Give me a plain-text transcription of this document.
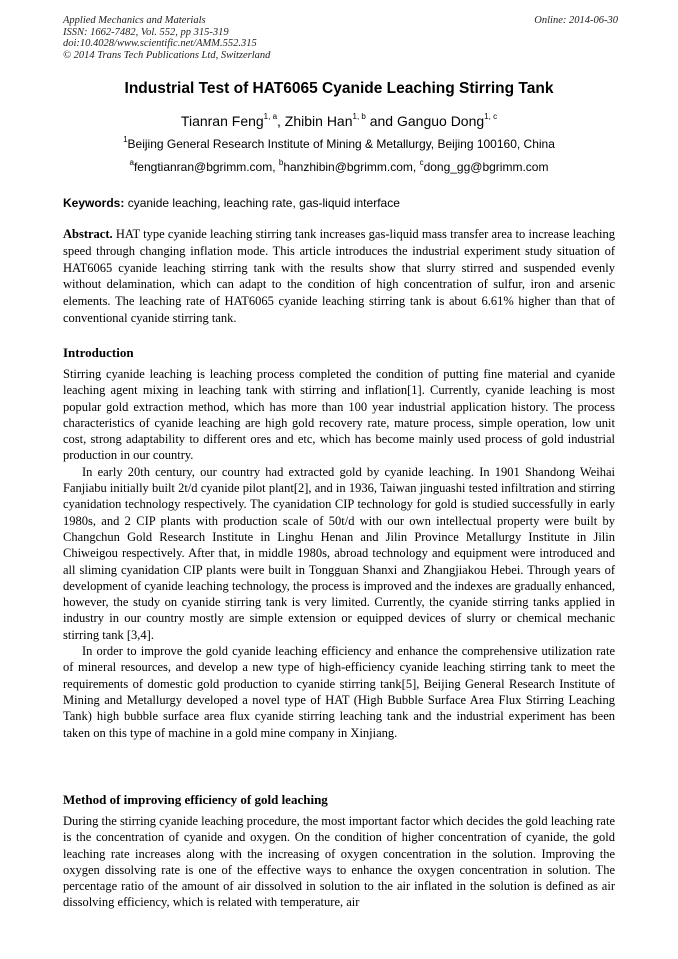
Applied Mechanics and Materials
ISSN: 1662-7482, Vol. 552, pp 315-319
doi:10.4028/www.scientific.net/AMM.552.315
© 2014 Trans Tech Publications Ltd, Switzerland
Online: 2014-06-30
Industrial Test of HAT6065 Cyanide Leaching Stirring Tank
Tianran Feng$^{1, a}$, Zhibin Han$^{1, b}$ and Ganguo Dong$^{1, c}$
$^1$Beijing General Research Institute of Mining & Metallurgy, Beijing 100160, China
$^a$fengtianran@bgrimm.com, $^b$hanzhibin@bgrimm.com, $^c$dong_gg@bgrimm.com
Keywords: cyanide leaching, leaching rate, gas-liquid interface
Abstract. HAT type cyanide leaching stirring tank increases gas-liquid mass transfer area to increase leaching speed through changing inflation mode. This article introduces the industrial experiment study situation of HAT6065 cyanide leaching stirring tank with the results show that slurry stirred and suspended evenly without delamination, which can adapt to the condition of high concentration of sulfur, iron and arsenic elements. The leaching rate of HAT6065 cyanide leaching stirring tank is about 6.61% higher than that of conventional cyanide stirring tank.
Introduction

Stirring cyanide leaching is leaching process completed the condition of putting fine material and cyanide leaching agent mixing in leaching tank with stirring and inflation[1]. Currently, cyanide leaching is most popular gold extraction method, which has more than 100 year industrial application history. The process characteristics of cyanide leaching are high gold recovery rate, mature process, simple operation, low unit cost, strong adaptability to different ores and etc, which has become mainly used process of gold industrial production in our country.

In early 20th century, our country had extracted gold by cyanide leaching. In 1901 Shandong Weihai Fanjiabu initially built 2t/d cyanide pilot plant[2], and in 1936, Taiwan jinguashi tested infiltration and stirring cyanidation technology respectively. The cyanidation CIP technology for gold is studied successfully in early 1980s, and 2 CIP plants with production scale of 50t/d with our own intellectual property were built by Changchun Gold Research Institute in Linghu Henan and Jilin Province Metallurgy Institute in Jilin Chiweigou respectively. After that, in middle 1980s, abroad technology and equipment were introduced and all sliming cyanidation CIP plants were built in Tongguan Shanxi and Zhangjiakou Hebei. Through years of development of cyanide leaching technology, the process is improved and the indexes are gradually enhanced, however, the study on cyanide stirring tank is very limited. Currently, the cyanide stirring tanks applied in industry in our country mostly are simple extension or equipped devices of slurry or chemical mechanic stirring tank [3,4].

In order to improve the gold cyanide leaching efficiency and enhance the comprehensive utilization rate of mineral resources, and develop a new type of high-efficiency cyanide leaching stirring tank to meet the requirements of domestic gold production to cyanide stirring tank[5], Beijing General Research Institute of Mining and Metallurgy developed a novel type of HAT (High Bubble Surface Area Flux Stirring Leaching Tank) high bubble surface area flux cyanide stirring leaching tank and the industrial experiment has been taken on this type of machine in a gold mine company in Xinjiang.

Method of improving efficiency of gold leaching

During the stirring cyanide leaching procedure, the most important factor which decides the gold leaching rate is the concentration of cyanide and oxygen. On the condition of higher concentration of cyanide, the gold leaching rate increases along with the increasing of oxygen concentration in the solution. Improving the oxygen dissolving rate is one of the effective ways to enhance the oxygen concentration in solution. The percentage ratio of the amount of air dissolved in solution to the air inflated in the solution is defined as air dissolving efficiency, which is related with temperature, air
